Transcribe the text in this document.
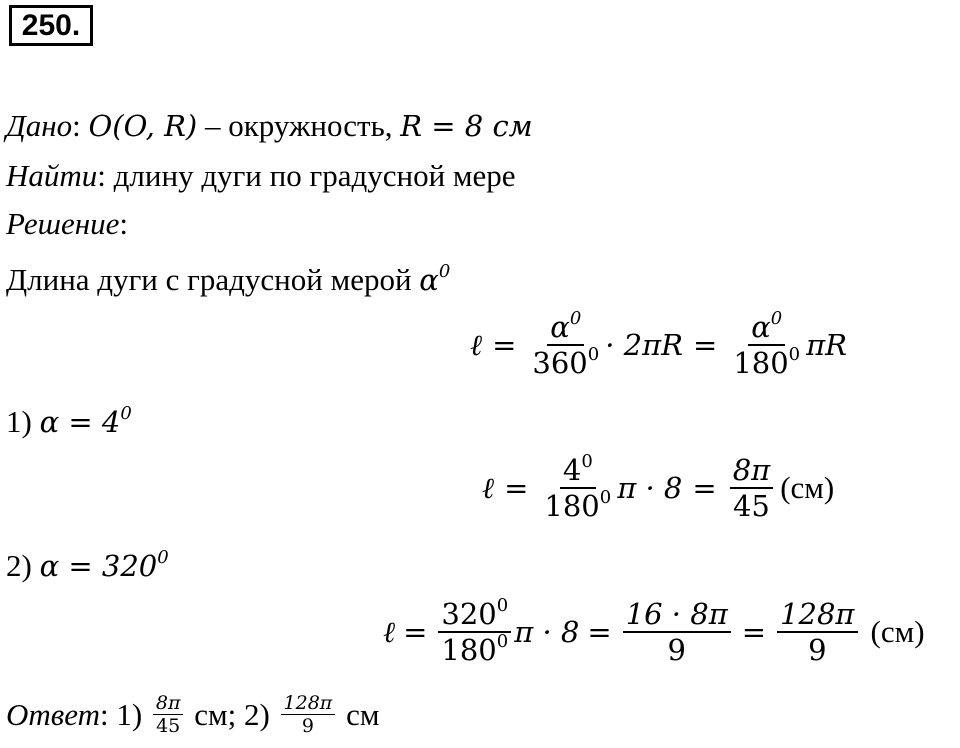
250.
Дано : O(O, R) – окружность, R = 8 см
Найти : длину дуги по градусной мере
Решение :
Длина дуги с градусной мерой $\alpha^0$
ℓ = $\frac{\alpha^0}{360^0} \cdot 2\pi R = \frac{\alpha^0}{180^0}$ πR
1) $\alpha = 4^0$
ℓ = $\frac{4^0}{180^0}$ $\pi \cdot 8 = \frac{8\pi}{45} (см)$
2) $\alpha = 320^0$
ℓ = $\frac{320^0}{180^0}$ $\pi \cdot 8 = \frac{16 \cdot 8\pi}{9} = \frac{128\pi}{9} (см)$
Ответ : $1) \frac{8\pi}{45}$ см; $2) \frac{128\pi}{9}$ см
